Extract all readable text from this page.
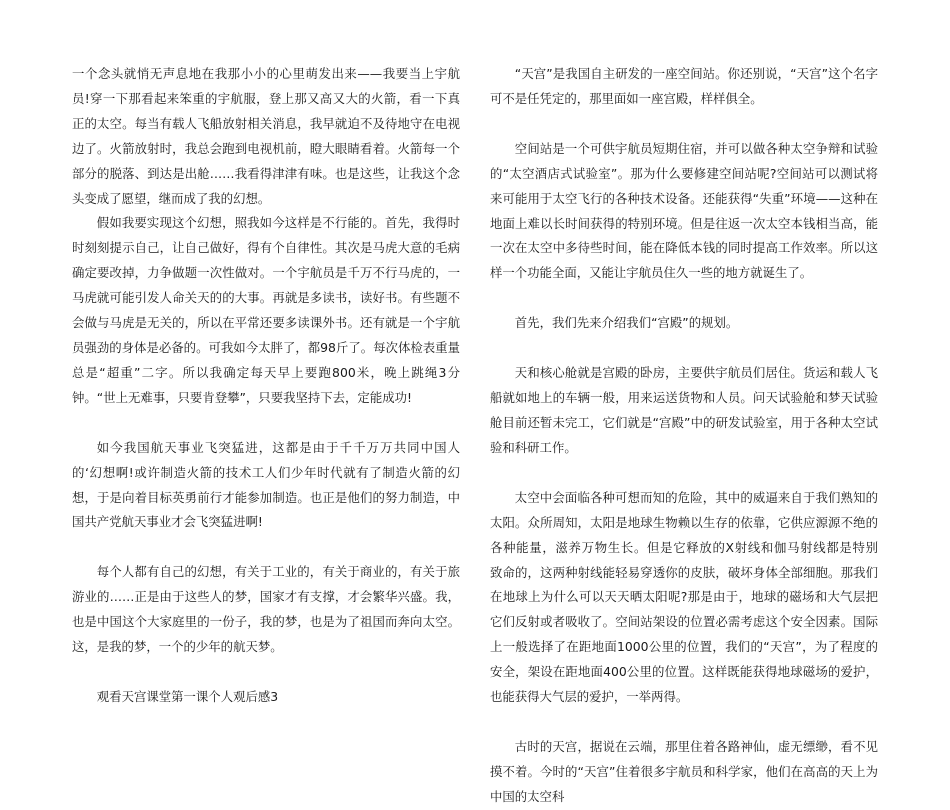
一个念头就悄无声息地在我那小小的心里萌发出来——我要当上宇航员!穿一下那看起来笨重的宇航服，登上那又高又大的火箭，看一下真正的太空。每当有载人飞船放射相关消息，我早就迫不及待地守在电视边了。火箭放射时，我总会跑到电视机前，瞪大眼睛看着。火箭每一个部分的脱落、到达是出舱……我看得津津有味。也是这些，让我这个念头变成了愿望，继而成了我的幻想。

假如我要实现这个幻想，照我如今这样是不行能的。首先，我得时时刻刻提示自己，让自己做好，得有个自律性。其次是马虎大意的毛病确定要改掉，力争做题一次性做对。一个宇航员是千万不行马虎的，一马虎就可能引发人命关天的的大事。再就是多读书，读好书。有些题不会做与马虎是无关的，所以在平常还要多读课外书。还有就是一个宇航员强劲的身体是必备的。可我如今太胖了，都98斤了。每次体检表重量总是“超重”二字。所以我确定每天早上要跑800米，晚上跳绳3分钟。“世上无难事，只要肯登攀”，只要我坚持下去，定能成功!

如今我国航天事业飞突猛进，这都是由于千千万万共同中国人的‘幻想啊!或许制造火箭的技术工人们少年时代就有了制造火箭的幻想，于是向着目标英勇前行才能参加制造。也正是他们的努力制造，中国共产党航天事业才会飞突猛进啊!

每个人都有自己的幻想，有关于工业的，有关于商业的，有关于旅游业的……正是由于这些人的梦，国家才有支撑，才会繁华兴盛。我，也是中国这个大家庭里的一份子，我的梦，也是为了祖国而奔向太空。这，是我的梦，一个的少年的航天梦。

观看天宫课堂第一课个人观后感3

“天宫”是我国自主研发的一座空间站。你还别说，“天宫”这个名字可不是任凭定的，那里面如一座宫殿，样样俱全。

空间站是一个可供宇航员短期住宿，并可以做各种太空争辩和试验的“太空酒店式试验室”。那为什么要修建空间站呢?空间站可以测试将来可能用于太空飞行的各种技术设备。还能获得“失重”环境——这种在地面上难以长时间获得的特别环境。但是往返一次太空本钱相当高，能一次在太空中多待些时间，能在降低本钱的同时提高工作效率。所以这样一个功能全面，又能让宇航员住久一些的地方就诞生了。

首先，我们先来介绍我们“宫殿”的规划。

天和核心舱就是宫殿的卧房，主要供宇航员们居住。货运和载人飞船就如地上的车辆一般，用来运送货物和人员。问天试验舱和梦天试验舱目前还暂未完工，它们就是“宫殿”中的研发试验室，用于各种太空试验和科研工作。

太空中会面临各种可想而知的危险，其中的威逼来自于我们熟知的太阳。众所周知，太阳是地球生物赖以生存的依靠，它供应源源不绝的各种能量，滋养万物生长。但是它释放的X射线和伽马射线都是特别　　致命的，这两种射线能轻易穿透你的皮肤，破坏身体全部细胞。那我们在地球上为什么可以天天晒太阳呢?那是由于，地球的磁场和大气层把它们反射或者吸收了。空间站架设的位置必需考虑这个安全因素。国际上一般选择了在距地面1000公里的位置，我们的“天宫”，为了程度的安全，架设在距地面400公里的位置。这样既能获得地球磁场的爱护，也能获得大气层的爱护，一举两得。

古时的天宫，据说在云端，那里住着各路神仙，虚无缥缈，看不见摸不着。今时的“天宫”住着很多宇航员和科学家，他们在高高的天上为中国的太空科
